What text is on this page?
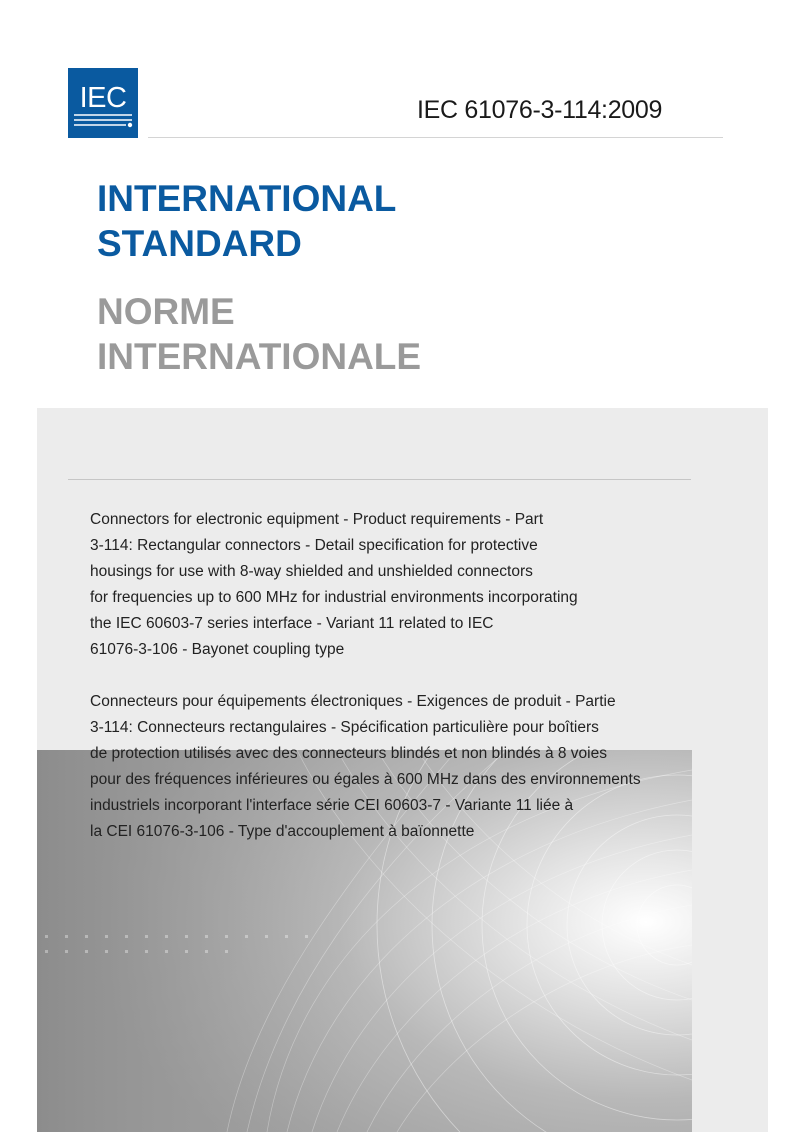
IEC	IEC 61076-3-114:2009
INTERNATIONAL
STANDARD
NORME
INTERNATIONALE
Connectors for electronic equipment - Product requirements - Part
3-114: Rectangular connectors - Detail specification for protective
housings for use with 8-way shielded and unshielded connectors
for frequencies up to 600 MHz for industrial environments incorporating
the IEC 60603-7 series interface - Variant 11 related to IEC
61076-3-106 - Bayonet coupling type
Connecteurs pour équipements électroniques - Exigences de produit - Partie
3-114: Connecteurs rectangulaires - Spécification particulière pour boîtiers
de protection utilisés avec des connecteurs blindés et non blindés à 8 voies
pour des fréquences inférieures ou égales à 600 MHz dans des environnements
industriels incorporant l'interface série CEI 60603-7 - Variante 11 liée à
la CEI 61076-3-106 - Type d'accouplement à baïonnette
